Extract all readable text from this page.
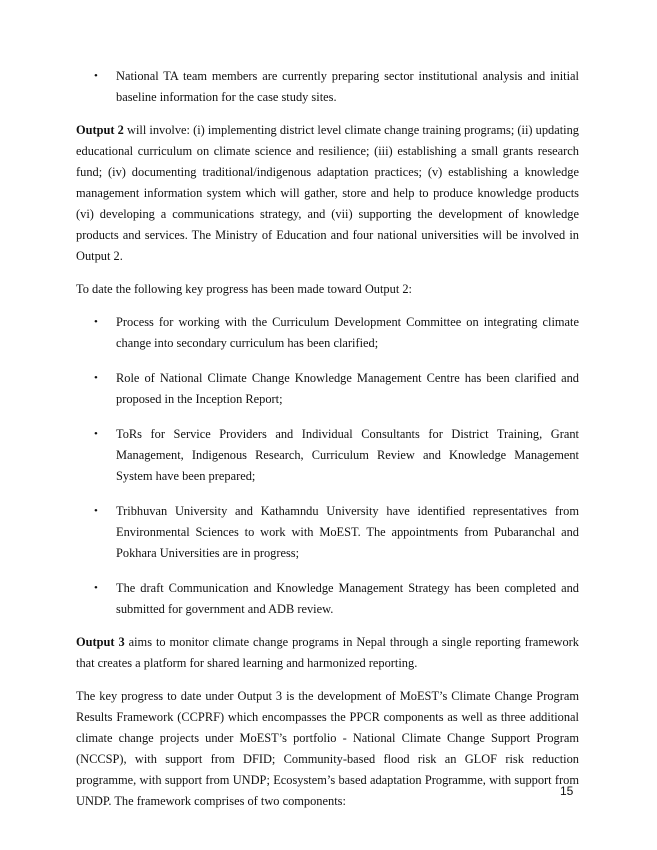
• National TA team members are currently preparing sector institutional analysis and initial baseline information for the case study sites.

Output 2 will involve: (i) implementing district level climate change training programs; (ii) updating educational curriculum on climate science and resilience; (iii) establishing a small grants research fund; (iv) documenting traditional/indigenous adaptation practices; (v) establishing a knowledge management information system which will gather, store and help to produce knowledge products (vi) developing a communications strategy, and (vii) supporting the development of knowledge products and services. The Ministry of Education and four national universities will be involved in Output 2.

To date the following key progress has been made toward Output 2:

• Process for working with the Curriculum Development Committee on integrating climate change into secondary curriculum has been clarified;
• Role of National Climate Change Knowledge Management Centre has been clarified and proposed in the Inception Report;
• ToRs for Service Providers and Individual Consultants for District Training, Grant Management, Indigenous Research, Curriculum Review and Knowledge Management System have been prepared;
• Tribhuvan University and Kathamndu University have identified representatives from Environmental Sciences to work with MoEST. The appointments from Pubaranchal and Pokhara Universities are in progress;
• The draft Communication and Knowledge Management Strategy has been completed and submitted for government and ADB review.

Output 3 aims to monitor climate change programs in Nepal through a single reporting framework that creates a platform for shared learning and harmonized reporting.

The key progress to date under Output 3 is the development of MoEST’s Climate Change Program Results Framework (CCPRF) which encompasses the PPCR components as well as three additional climate change projects under MoEST’s portfolio - National Climate Change Support Program (NCCSP), with support from DFID; Community-based flood risk an GLOF risk reduction programme, with support from UNDP; Ecosystem’s based adaptation Programme, with support from UNDP. The framework comprises of two components:

15
